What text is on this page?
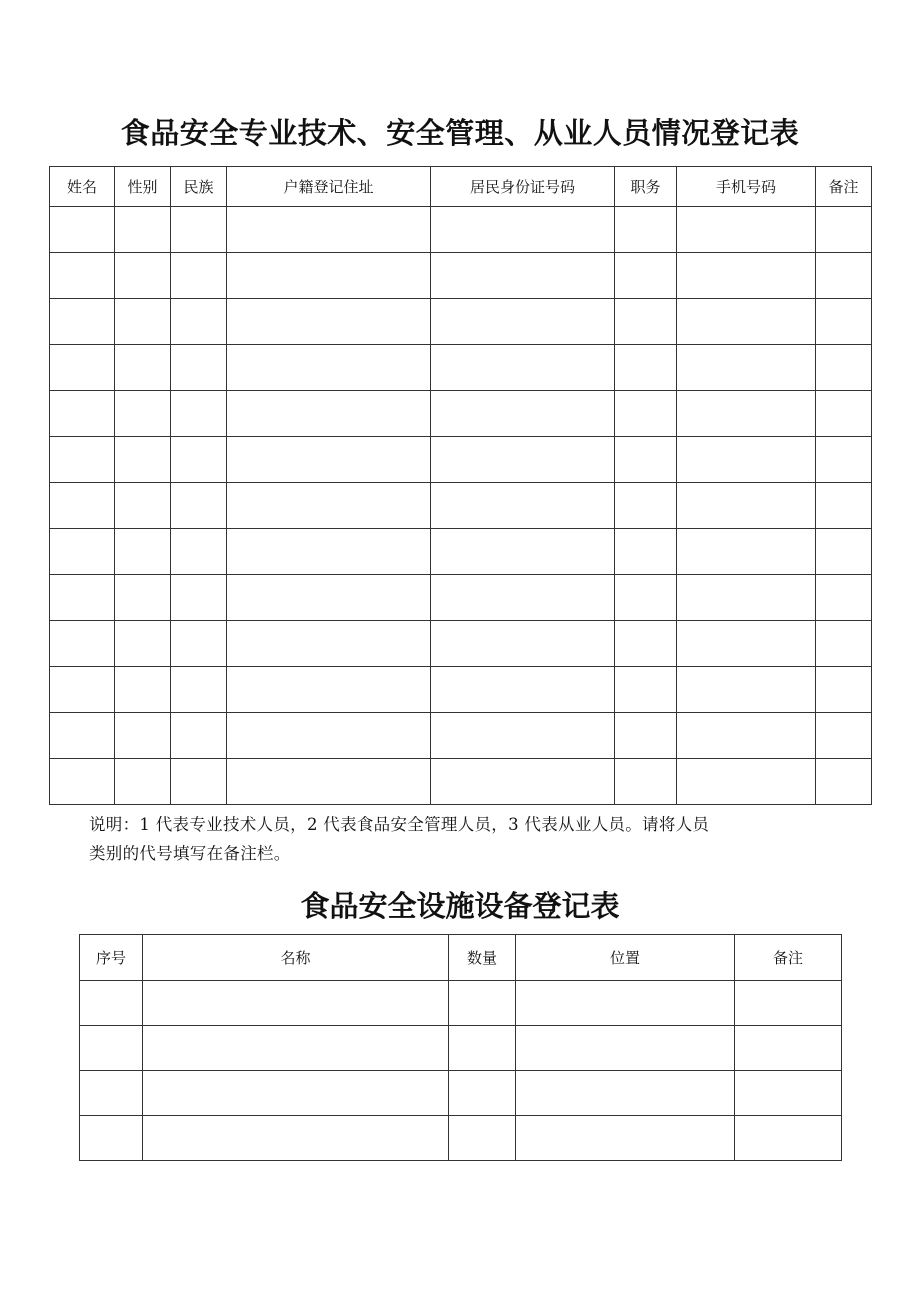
食品安全专业技术、安全管理、从业人员情况登记表
姓名	性别	民族	户籍登记住址	居民身份证号码	职务	手机号码	备注

说明：1 代表专业技术人员，2 代表食品安全管理人员，3 代表从业人员。请将人员
类别的代号填写在备注栏。
食品安全设施设备登记表
序号	名称	数量	位置	备注
